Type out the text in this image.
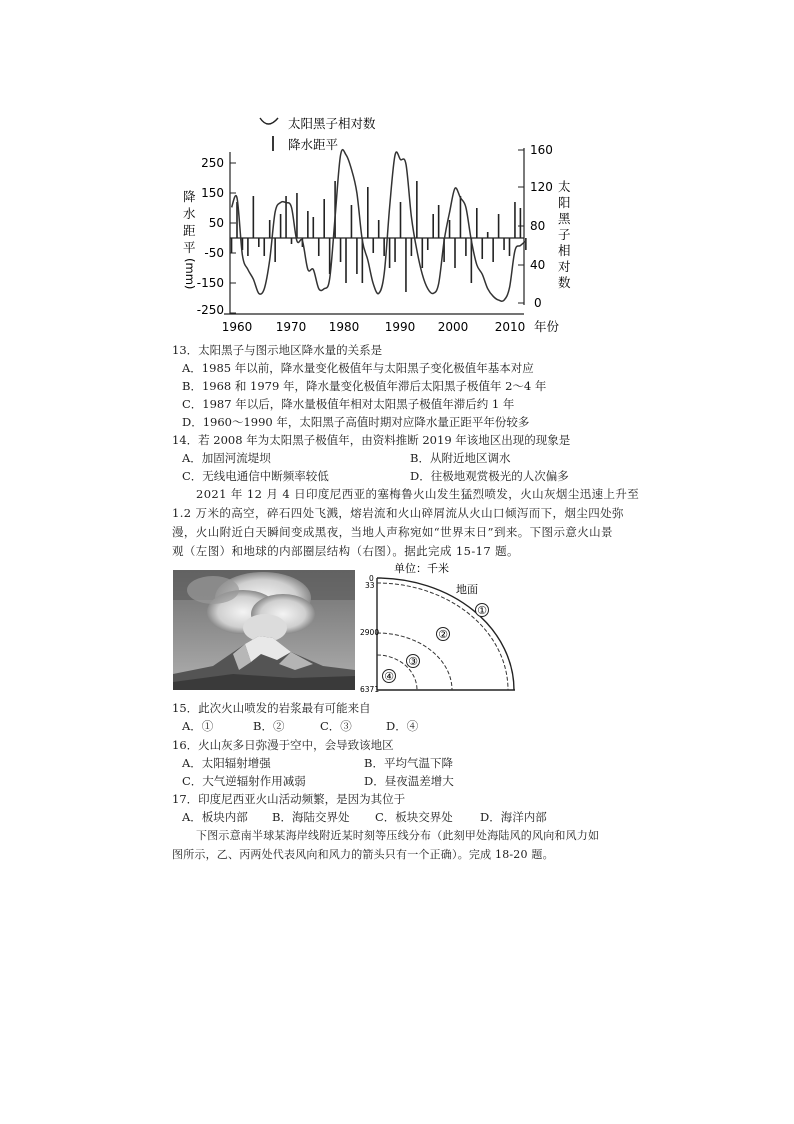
太阳黑子相对数
降水距平
250
150
50
-50
-150
-250
降
水
距
平
(mm)
160
120
80
40
0
太
阳
黑
子
相
对
数
1960 1970 1980 1990 2000 2010 年份
13．太阳黑子与图示地区降水量的关系是
A．1985 年以前，降水量变化极值年与太阳黑子变化极值年基本对应
B．1968 和 1979 年，降水量变化极值年滞后太阳黑子极值年 2～4 年
C．1987 年以后，降水量极值年相对太阳黑子极值年滞后约 1 年
D．1960～1990 年，太阳黑子高值时期对应降水量正距平年份较多
14．若 2008 年为太阳黑子极值年，由资料推断 2019 年该地区出现的现象是
A．加固河流堤坝	B．从附近地区调水
C．无线电通信中断频率较低	D．往极地观赏极光的人次偏多
2021 年 12 月 4 日印度尼西亚的塞梅鲁火山发生猛烈喷发，火山灰烟尘迅速上升至
1.2 万米的高空，碎石四处飞溅，熔岩流和火山碎屑流从火山口倾泻而下，烟尘四处弥
漫，火山附近白天瞬间变成黑夜，当地人声称宛如“世界末日”到来。下图示意火山景
观（左图）和地球的内部圈层结构（右图）。据此完成 15-17 题。
单位：千米
地面
0
33
2900
6371
①
②
③
④
15．此次火山喷发的岩浆最有可能来自
A．①	B．②	C．③	D．④
16．火山灰多日弥漫于空中，会导致该地区
A．太阳辐射增强	B．平均气温下降
C．大气逆辐射作用减弱	D．昼夜温差增大
17．印度尼西亚火山活动频繁，是因为其位于
A．板块内部 B．海陆交界处 C．板块交界处 D．海洋内部
下图示意南半球某海岸线附近某时刻等压线分布（此刻甲处海陆风的风向和风力如
图所示，乙、丙两处代表风向和风力的箭头只有一个正确）。完成 18-20 题。
